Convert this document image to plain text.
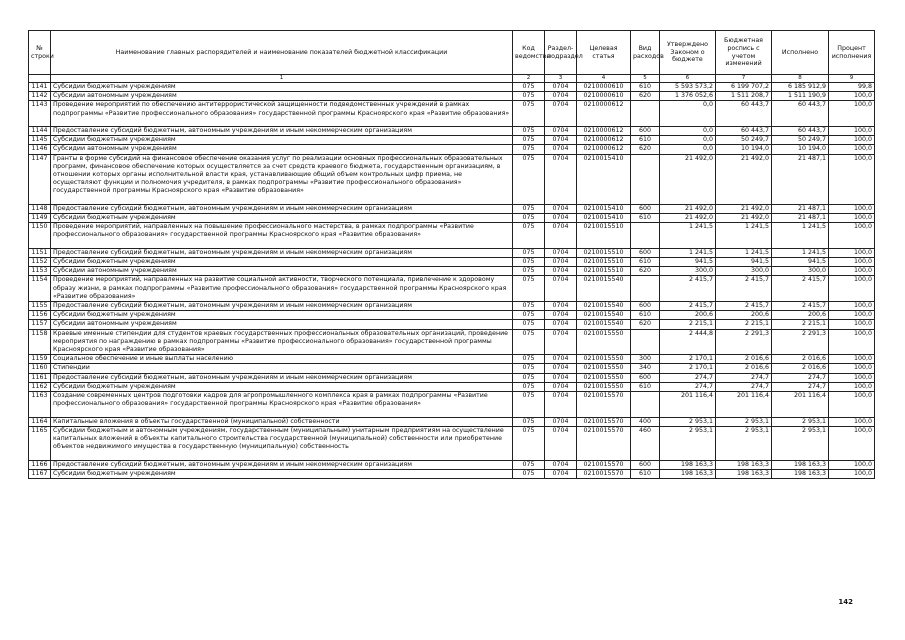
№ строки	Наименование главных распорядителей и наименование показателей бюджетной классификации	Код ведомства	Раздел- подраздел	Целевая статья	Вид расходов	Утверждено Законом о бюджете	Бюджетная роспись с учетом изменений	Исполнено	Процент исполнения
	1	2	3	4	5	6	7	8	9
1141	Субсидии бюджетным учреждениям	075	0704	0210000610	610	5 593 573,2	6 199 707,2	6 185 912,9	99,8
1142	Субсидии автономным учреждениям	075	0704	0210000610	620	1 376 052,6	1 511 208,7	1 511 190,9	100,0
1143	Проведение мероприятий по обеспечению антитеррористической защищенности подведомственных учреждений в рамках подпрограммы «Развитие профессионального образования» государственной программы Красноярского края «Развитие образования»	075	0704	0210000612		0,0	60 443,7	60 443,7	100,0
1144	Предоставление субсидий бюджетным, автономным учреждениям и иным некоммерческим организациям	075	0704	0210000612	600	0,0	60 443,7	60 443,7	100,0
1145	Субсидии бюджетным учреждениям	075	0704	0210000612	610	0,0	50 249,7	50 249,7	100,0
1146	Субсидии автономным учреждениям	075	0704	0210000612	620	0,0	10 194,0	10 194,0	100,0
1147	Гранты в форме субсидий на финансовое обеспечение оказания услуг по реализации основных профессиональных образовательных программ, финансовое обеспечение которых осуществляется за счет средств краевого бюджета, государственным организациям, в отношении которых органы исполнительной власти края, устанавливающие общий объем контрольных цифр приема, не осуществляют функции и полномочия учредителя, в рамках подпрограммы «Развитие профессионального образования» государственной программы Красноярского края «Развитие образования»	075	0704	0210015410		21 492,0	21 492,0	21 487,1	100,0
1148	Предоставление субсидий бюджетным, автономным учреждениям и иным некоммерческим организациям	075	0704	0210015410	600	21 492,0	21 492,0	21 487,1	100,0
1149	Субсидии бюджетным учреждениям	075	0704	0210015410	610	21 492,0	21 492,0	21 487,1	100,0
1150	Проведение мероприятий, направленных на повышение профессионального мастерства, в рамках подпрограммы «Развитие профессионального образования» государственной программы Красноярского края «Развитие образования»	075	0704	0210015510		1 241,5	1 241,5	1 241,5	100,0
1151	Предоставление субсидий бюджетным, автономным учреждениям и иным некоммерческим организациям	075	0704	0210015510	600	1 241,5	1 241,5	1 241,5	100,0
1152	Субсидии бюджетным учреждениям	075	0704	0210015510	610	941,5	941,5	941,5	100,0
1153	Субсидии автономным учреждениям	075	0704	0210015510	620	300,0	300,0	300,0	100,0
1154	Проведение мероприятий, направленных на развитие социальной активности, творческого потенциала, привлечение к здоровому образу жизни, в рамках подпрограммы «Развитие профессионального образования» государственной программы Красноярского края «Развитие образования»	075	0704	0210015540		2 415,7	2 415,7	2 415,7	100,0
1155	Предоставление субсидий бюджетным, автономным учреждениям и иным некоммерческим организациям	075	0704	0210015540	600	2 415,7	2 415,7	2 415,7	100,0
1156	Субсидии бюджетным учреждениям	075	0704	0210015540	610	200,6	200,6	200,6	100,0
1157	Субсидии автономным учреждениям	075	0704	0210015540	620	2 215,1	2 215,1	2 215,1	100,0
1158	Краевые именные стипендии для студентов краевых государственных профессиональных образовательных организаций, проведение мероприятия по награждению в рамках подпрограммы «Развитие профессионального образования» государственной программы Красноярского края «Развитие образования»	075	0704	0210015550		2 444,8	2 291,3	2 291,3	100,0
1159	Социальное обеспечение и иные выплаты населению	075	0704	0210015550	300	2 170,1	2 016,6	2 016,6	100,0
1160	Стипендии	075	0704	0210015550	340	2 170,1	2 016,6	2 016,6	100,0
1161	Предоставление субсидий бюджетным, автономным учреждениям и иным некоммерческим организациям	075	0704	0210015550	600	274,7	274,7	274,7	100,0
1162	Субсидии бюджетным учреждениям	075	0704	0210015550	610	274,7	274,7	274,7	100,0
1163	Создание современных центров подготовки кадров для агропромышленного комплекса края в рамках подпрограммы «Развитие профессионального образования» государственной программы Красноярского края «Развитие образования»	075	0704	0210015570		201 116,4	201 116,4	201 116,4	100,0
1164	Капитальные вложения в объекты государственной (муниципальной) собственности	075	0704	0210015570	400	2 953,1	2 953,1	2 953,1	100,0
1165	Субсидии бюджетным и автономным учреждениям, государственным (муниципальным) унитарным предприятиям на осуществление капитальных вложений в объекты капитального строительства государственной (муниципальной) собственности или приобретение объектов недвижимого имущества в государственную (муниципальную) собственность	075	0704	0210015570	460	2 953,1	2 953,1	2 953,1	100,0
1166	Предоставление субсидий бюджетным, автономным учреждениям и иным некоммерческим организациям	075	0704	0210015570	600	198 163,3	198 163,3	198 163,3	100,0
1167	Субсидии бюджетным учреждениям	075	0704	0210015570	610	198 163,3	198 163,3	198 163,3	100,0
142
